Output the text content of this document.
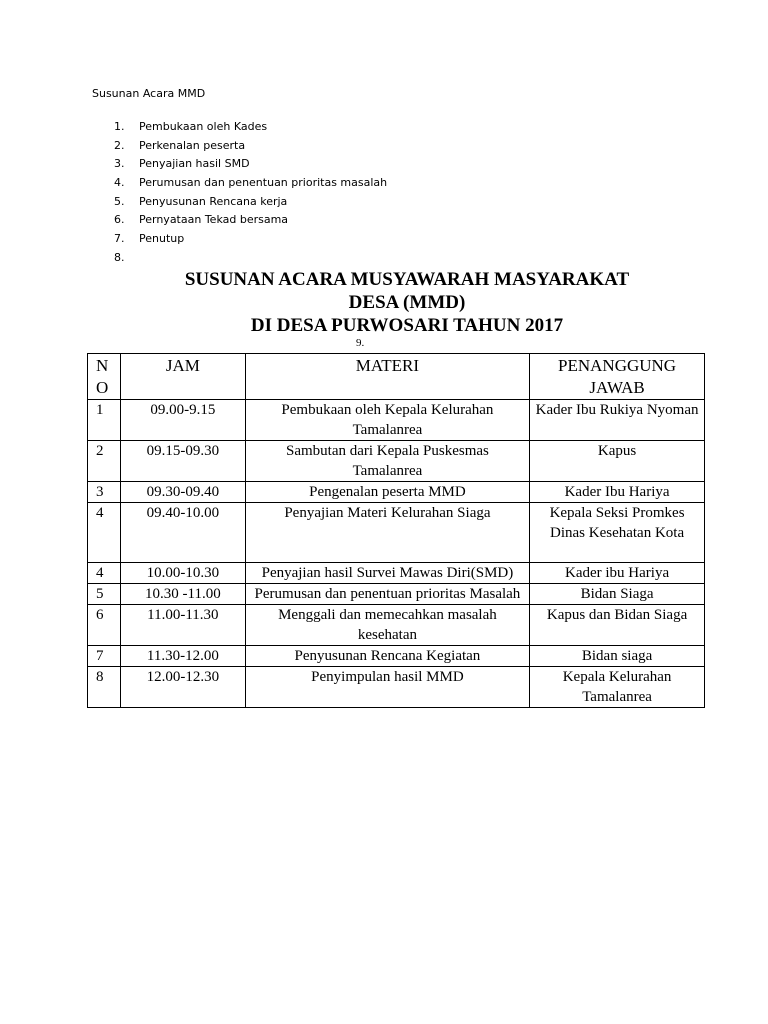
Susunan Acara MMD
1.	Pembukaan oleh Kades
2.	Perkenalan peserta
3.	Penyajian hasil SMD
4.	Perumusan dan penentuan prioritas masalah
5.	Penyusunan Rencana kerja
6.	Pernyataan Tekad bersama
7.	Penutup
8.
SUSUNAN ACARA MUSYAWARAH MASYARAKAT
DESA (MMD)
DI DESA PURWOSARI TAHUN 2017
9.
N O	JAM	MATERI	PENANGGUNG JAWAB
1	09.00-9.15	Pembukaan oleh Kepala Kelurahan Tamalanrea	Kader Ibu Rukiya Nyoman
2	09.15-09.30	Sambutan dari Kepala Puskesmas Tamalanrea	Kapus
3	09.30-09.40	Pengenalan peserta MMD	Kader Ibu Hariya
4	09.40-10.00	Penyajian Materi Kelurahan Siaga	Kepala Seksi Promkes Dinas Kesehatan Kota
4	10.00-10.30	Penyajian hasil Survei Mawas Diri(SMD)	Kader ibu Hariya
5	10.30 -11.00	Perumusan dan penentuan prioritas Masalah	Bidan Siaga
6	11.00-11.30	Menggali dan memecahkan masalah kesehatan	Kapus dan Bidan Siaga
7	11.30-12.00	Penyusunan Rencana Kegiatan	Bidan siaga
8	12.00-12.30	Penyimpulan hasil MMD	Kepala Kelurahan Tamalanrea
